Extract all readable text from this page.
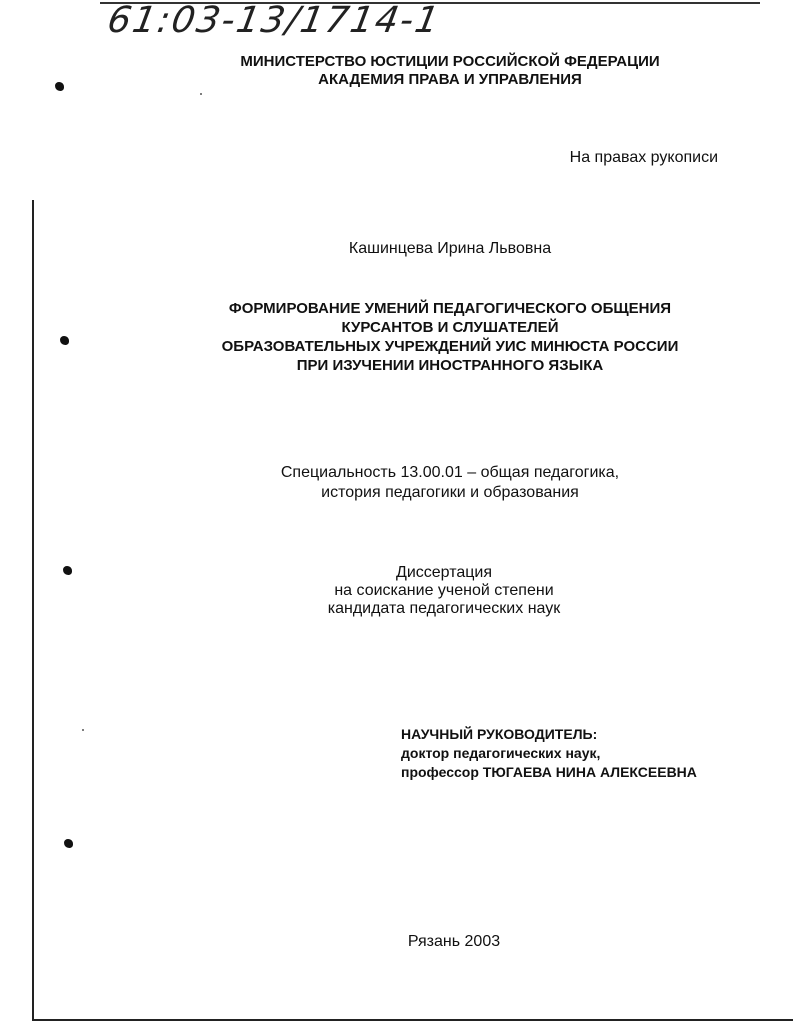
61:03-13/1714-1
МИНИСТЕРСТВО ЮСТИЦИИ РОССИЙСКОЙ ФЕДЕРАЦИИ
АКАДЕМИЯ ПРАВА И УПРАВЛЕНИЯ
На правах рукописи
Кашинцева Ирина Львовна
ФОРМИРОВАНИЕ УМЕНИЙ ПЕДАГОГИЧЕСКОГО ОБЩЕНИЯ
КУРСАНТОВ И СЛУШАТЕЛЕЙ
ОБРАЗОВАТЕЛЬНЫХ УЧРЕЖДЕНИЙ УИС МИНЮСТА РОССИИ
ПРИ ИЗУЧЕНИИ ИНОСТРАННОГО ЯЗЫКА
Специальность 13.00.01 – общая педагогика,
история педагогики и образования
Диссертация
на соискание ученой степени
кандидата педагогических наук
НАУЧНЫЙ РУКОВОДИТЕЛЬ:
доктор педагогических наук,
профессор ТЮГАЕВА НИНА АЛЕКСЕЕВНА
Рязань 2003
